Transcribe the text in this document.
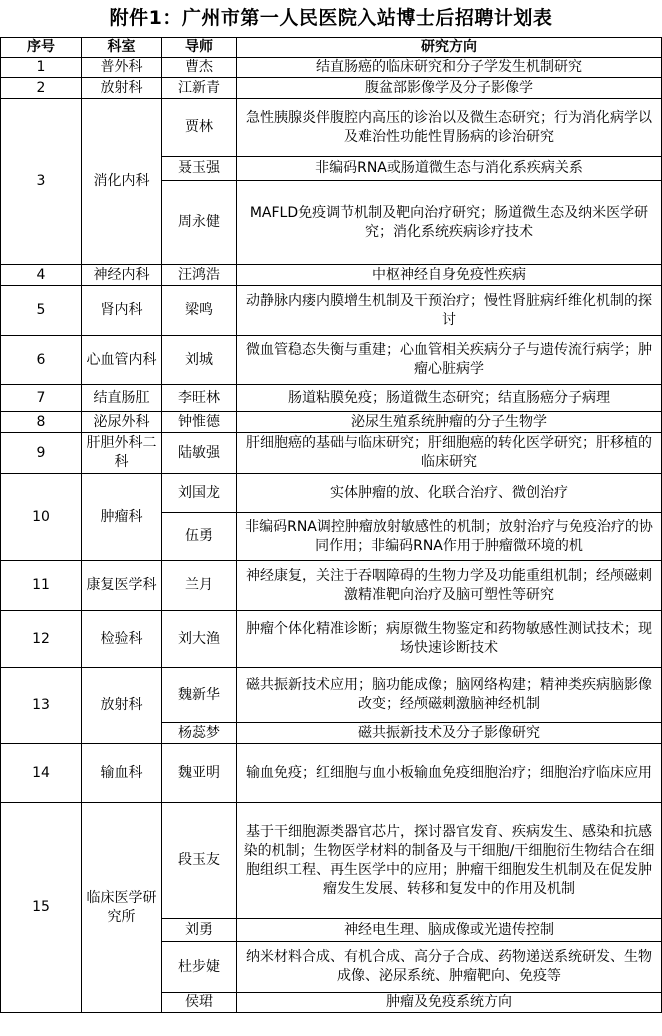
附件1：广州市第一人民医院入站博士后招聘计划表
序号	科室	导师	研究方向
1	普外科	曹杰	结直肠癌的临床研究和分子学发生机制研究
2	放射科	江新青	腹盆部影像学及分子影像学
3	消化内科	贾林	急性胰腺炎伴腹腔内高压的诊治以及微生态研究；行为消化病学以及难治性功能性胃肠病的诊治研究
		聂玉强	非编码RNA或肠道微生态与消化系疾病关系
		周永健	MAFLD免疫调节机制及靶向治疗研究；肠道微生态及纳米医学研究；消化系统疾病诊疗技术
4	神经内科	汪鸿浩	中枢神经自身免疫性疾病
5	肾内科	梁鸣	动静脉内瘘内膜增生机制及干预治疗；慢性肾脏病纤维化机制的探讨
6	心血管内科	刘城	微血管稳态失衡与重建；心血管相关疾病分子与遗传流行病学；肿瘤心脏病学
7	结直肠肛	李旺林	肠道粘膜免疫；肠道微生态研究；结直肠癌分子病理
8	泌尿外科	钟惟德	泌尿生殖系统肿瘤的分子生物学
9	肝胆外科二科	陆敏强	肝细胞癌的基础与临床研究；肝细胞癌的转化医学研究；肝移植的临床研究
10	肿瘤科	刘国龙	实体肿瘤的放、化联合治疗、微创治疗
		伍勇	非编码RNA调控肿瘤放射敏感性的机制；放射治疗与免疫治疗的协同作用；非编码RNA作用于肿瘤微环境的机
11	康复医学科	兰月	神经康复，关注于吞咽障碍的生物力学及功能重组机制；经颅磁刺激精准靶向治疗及脑可塑性等研究
12	检验科	刘大渔	肿瘤个体化精准诊断；病原微生物鉴定和药物敏感性测试技术；现场快速诊断技术
13	放射科	魏新华	磁共振新技术应用；脑功能成像；脑网络构建；精神类疾病脑影像改变；经颅磁刺激脑神经机制
		杨蕊梦	磁共振新技术及分子影像研究
14	输血科	魏亚明	输血免疫；红细胞与血小板输血免疫细胞治疗；细胞治疗临床应用
15	临床医学研究所	段玉友	基于干细胞源类器官芯片，探讨器官发育、疾病发生、感染和抗感染的机制；生物医学材料的制备及与干细胞/干细胞衍生物结合在细胞组织工程、再生医学中的应用；肿瘤干细胞发生机制及在促发肿瘤发生发展、转移和复发中的作用及机制
		刘勇	神经电生理、脑成像或光遗传控制
		杜步婕	纳米材料合成、有机合成、高分子合成、药物递送系统研发、生物成像、泌尿系统、肿瘤靶向、免疫等
		侯珺	肿瘤及免疫系统方向
